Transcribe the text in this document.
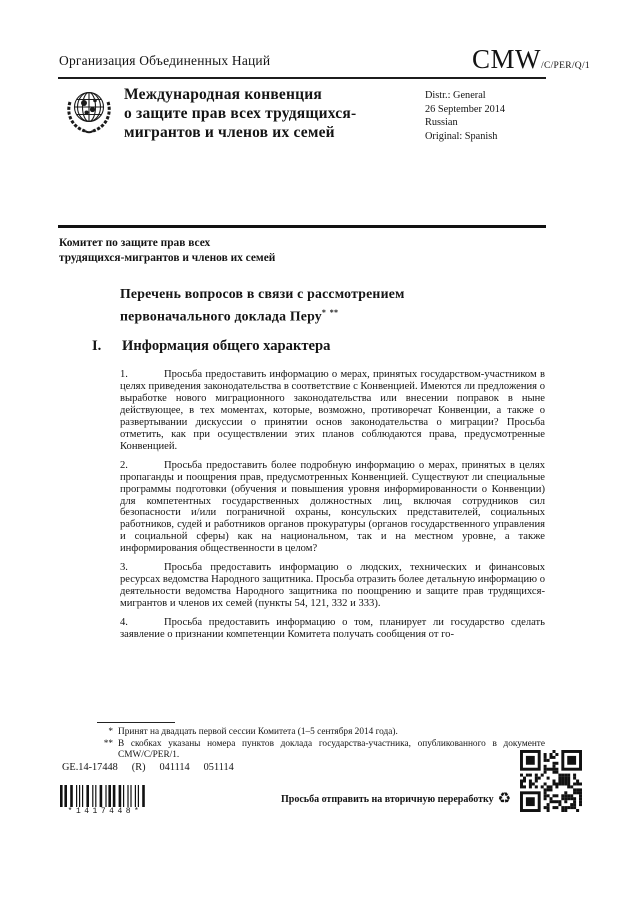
Организация Объединенных Наций	CMW/C/PER/Q/1
Международная конвенция
о защите прав всех трудящихся-
мигрантов и членов их семей
Distr.: General
26 September 2014
Russian
Original: Spanish
Комитет по защите прав всех
трудящихся-мигрантов и членов их семей
Перечень вопросов в связи с рассмотрением
первоначального доклада Перу* **
I.	Информация общего характера

1.	Просьба предоставить информацию о мерах, принятых государством-участником в целях приведения законодательства в соответствие с Конвенцией. Имеются ли предложения о выработке нового миграционного законодательства или внесении поправок в ныне действующее, в тех моментах, которые, возможно, противоречат Конвенции, а также о развертывании дискуссии о принятии основ законодательства о миграции? Просьба отметить, как при осуществлении этих планов соблюдаются права, предусмотренные Конвенцией.

2.	Просьба предоставить более подробную информацию о мерах, принятых в целях пропаганды и поощрения прав, предусмотренных Конвенцией. Существуют ли специальные программы подготовки (обучения и повышения уровня информированности о Конвенции) для компетентных государственных должностных лиц, включая сотрудников сил безопасности и/или пограничной охраны, консульских представителей, социальных работников, судей и работников органов прокуратуры (органов государственного управления и социальной сферы) как на национальном, так и на местном уровне, а также информирования общественности в целом?

3.	Просьба предоставить информацию о людских, технических и финансовых ресурсах ведомства Народного защитника. Просьба отразить более детальную информацию о деятельности ведомства Народного защитника по поощрению и защите прав трудящихся-мигрантов и членов их семей (пункты 54, 121, 332 и 333).

4.	Просьба предоставить информацию о том, планирует ли государство сделать заявление о признании компетенции Комитета получать сообщения от го-

* Принят на двадцать первой сессии Комитета (1–5 сентября 2014 года).
** В скобках указаны номера пунктов доклада государства-участника, опубликованного в документе CMW/C/PER/1.
GE.14-17448 (R) 041114 051114
*1417448*
Просьба отправить на вторичную переработку ♻
